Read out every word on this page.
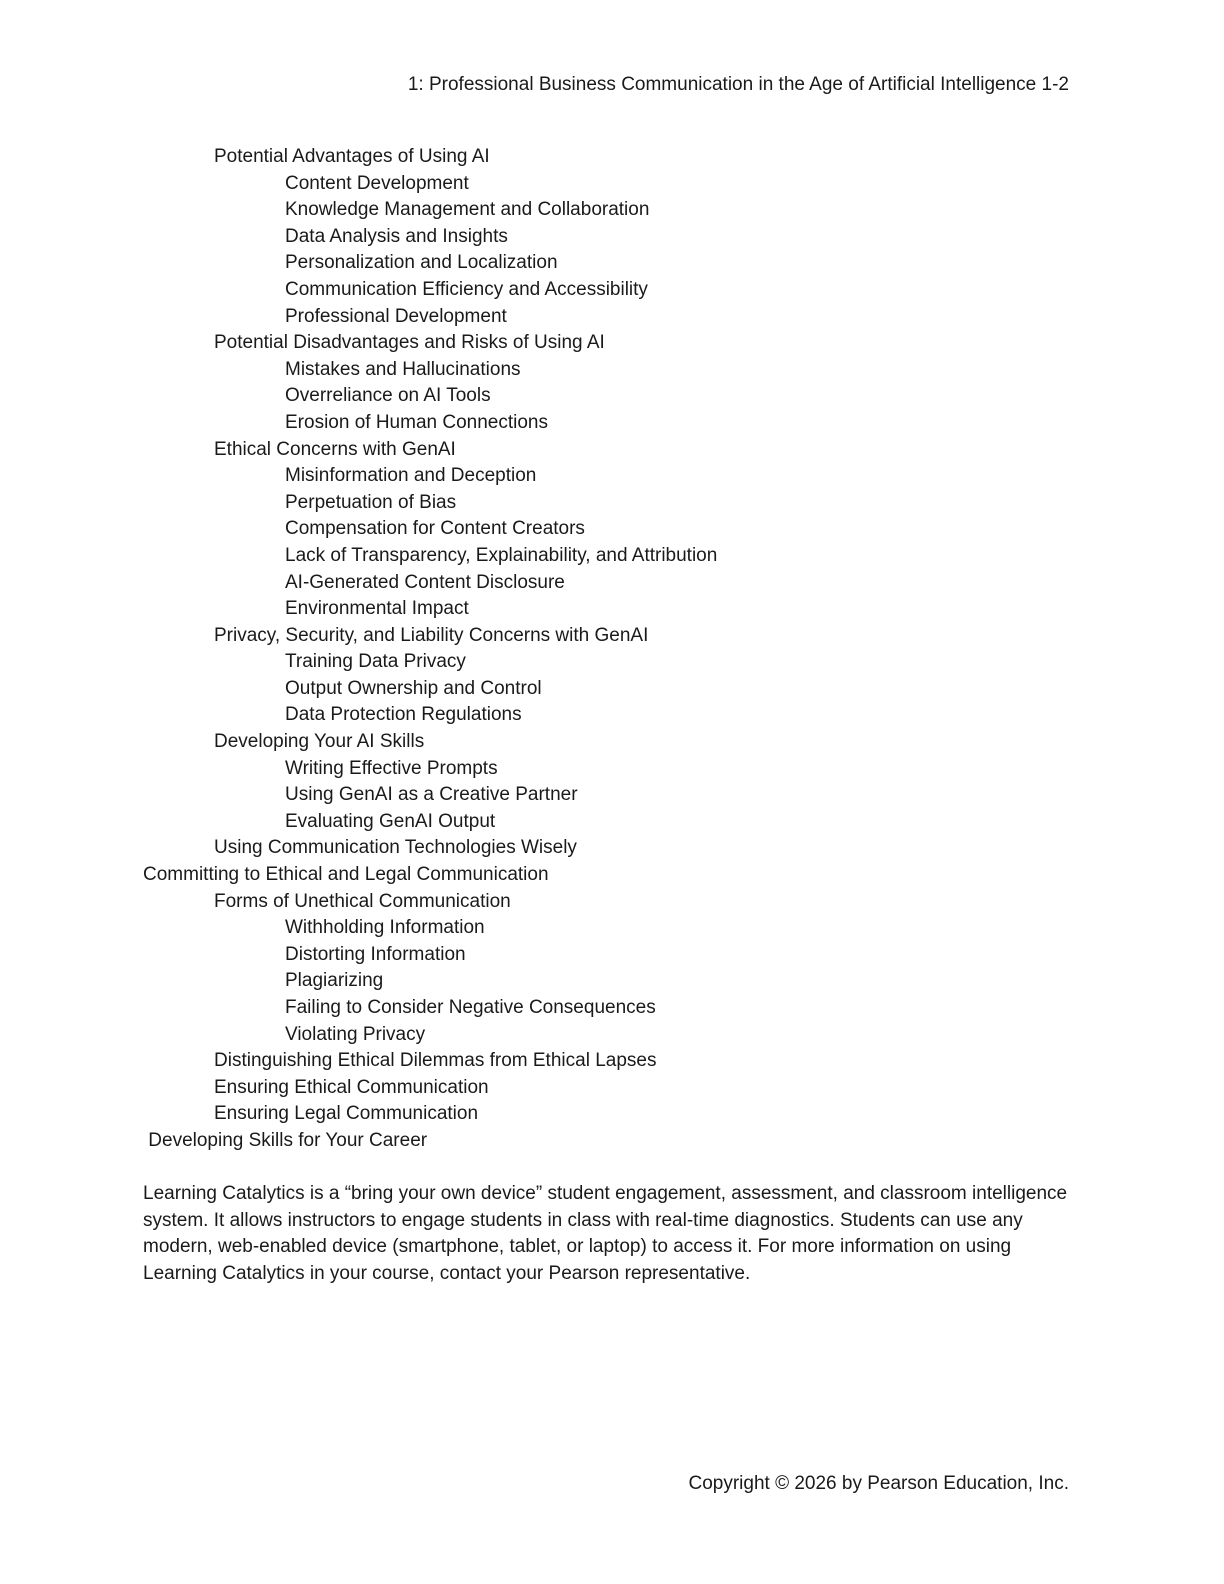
1: Professional Business Communication in the Age of Artificial Intelligence 1-2
Potential Advantages of Using AI
Content Development
Knowledge Management and Collaboration
Data Analysis and Insights
Personalization and Localization
Communication Efficiency and Accessibility
Professional Development
Potential Disadvantages and Risks of Using AI
Mistakes and Hallucinations
Overreliance on AI Tools
Erosion of Human Connections
Ethical Concerns with GenAI
Misinformation and Deception
Perpetuation of Bias
Compensation for Content Creators
Lack of Transparency, Explainability, and Attribution
AI-Generated Content Disclosure
Environmental Impact
Privacy, Security, and Liability Concerns with GenAI
Training Data Privacy
Output Ownership and Control
Data Protection Regulations
Developing Your AI Skills
Writing Effective Prompts
Using GenAI as a Creative Partner
Evaluating GenAI Output
Using Communication Technologies Wisely
Committing to Ethical and Legal Communication
Forms of Unethical Communication
Withholding Information
Distorting Information
Plagiarizing
Failing to Consider Negative Consequences
Violating Privacy
Distinguishing Ethical Dilemmas from Ethical Lapses
Ensuring Ethical Communication
Ensuring Legal Communication
Developing Skills for Your Career

Learning Catalytics is a “bring your own device” student engagement, assessment, and classroom intelligence system. It allows instructors to engage students in class with real-time diagnostics. Students can use any modern, web-enabled device (smartphone, tablet, or laptop) to access it. For more information on using Learning Catalytics in your course, contact your Pearson representative.

Copyright © 2026 by Pearson Education, Inc.
